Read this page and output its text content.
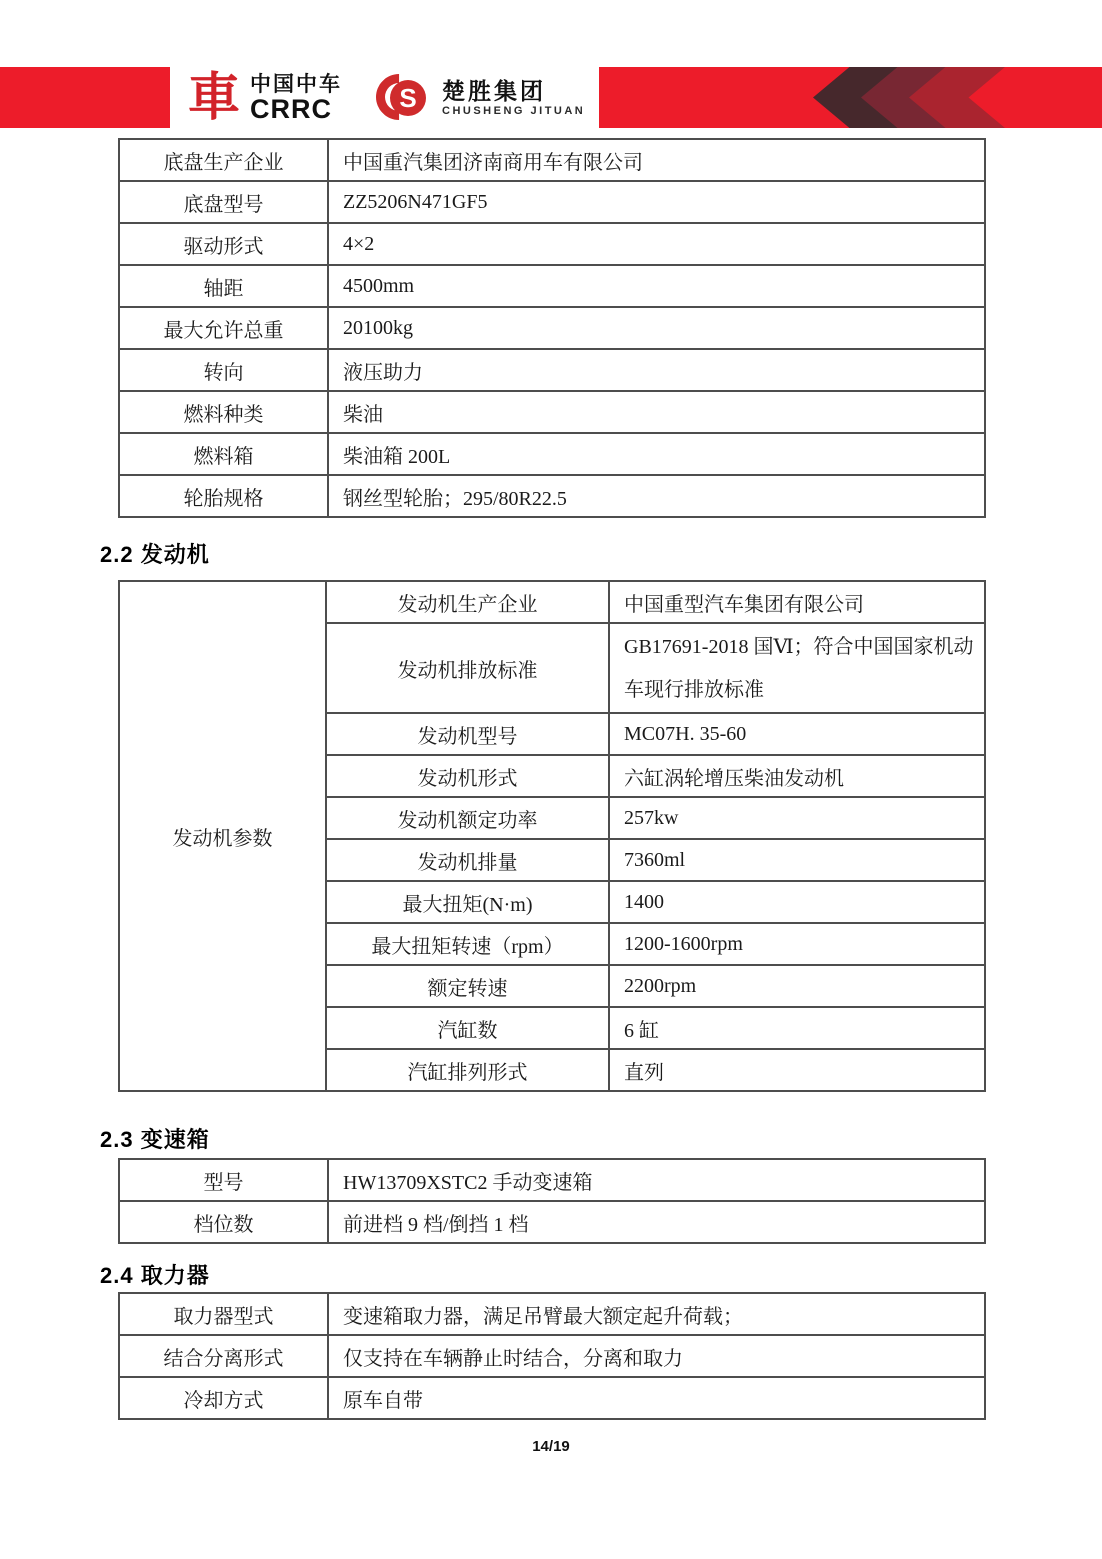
車 中国中车
CRRC	S	楚胜集团
CHUSHENG JITUAN
底盘生产企业	中国重汽集团济南商用车有限公司
底盘型号	ZZ5206N471GF5
驱动形式	4×2
轴距	4500mm
最大允许总重	20100kg
转向	液压助力
燃料种类	柴油
燃料箱	柴油箱 200L
轮胎规格	钢丝型轮胎；295/80R22.5
2.2 发动机
发动机参数	发动机生产企业	中国重型汽车集团有限公司
	发动机排放标准	GB17691-2018 国Ⅵ；符合中国国家机动车现行排放标准
	发动机型号	MC07H. 35-60
	发动机形式	六缸涡轮增压柴油发动机
	发动机额定功率	257kw
	发动机排量	7360ml
	最大扭矩(N·m)	1400
	最大扭矩转速（rpm）	1200-1600rpm
	额定转速	2200rpm
	汽缸数	6 缸
	汽缸排列形式	直列
2.3 变速箱
型号	HW13709XSTC2 手动变速箱
档位数	前进档 9 档/倒挡 1 档
2.4 取力器
取力器型式	变速箱取力器，满足吊臂最大额定起升荷载；
结合分离形式	仅支持在车辆静止时结合，分离和取力
冷却方式	原车自带
14/19
